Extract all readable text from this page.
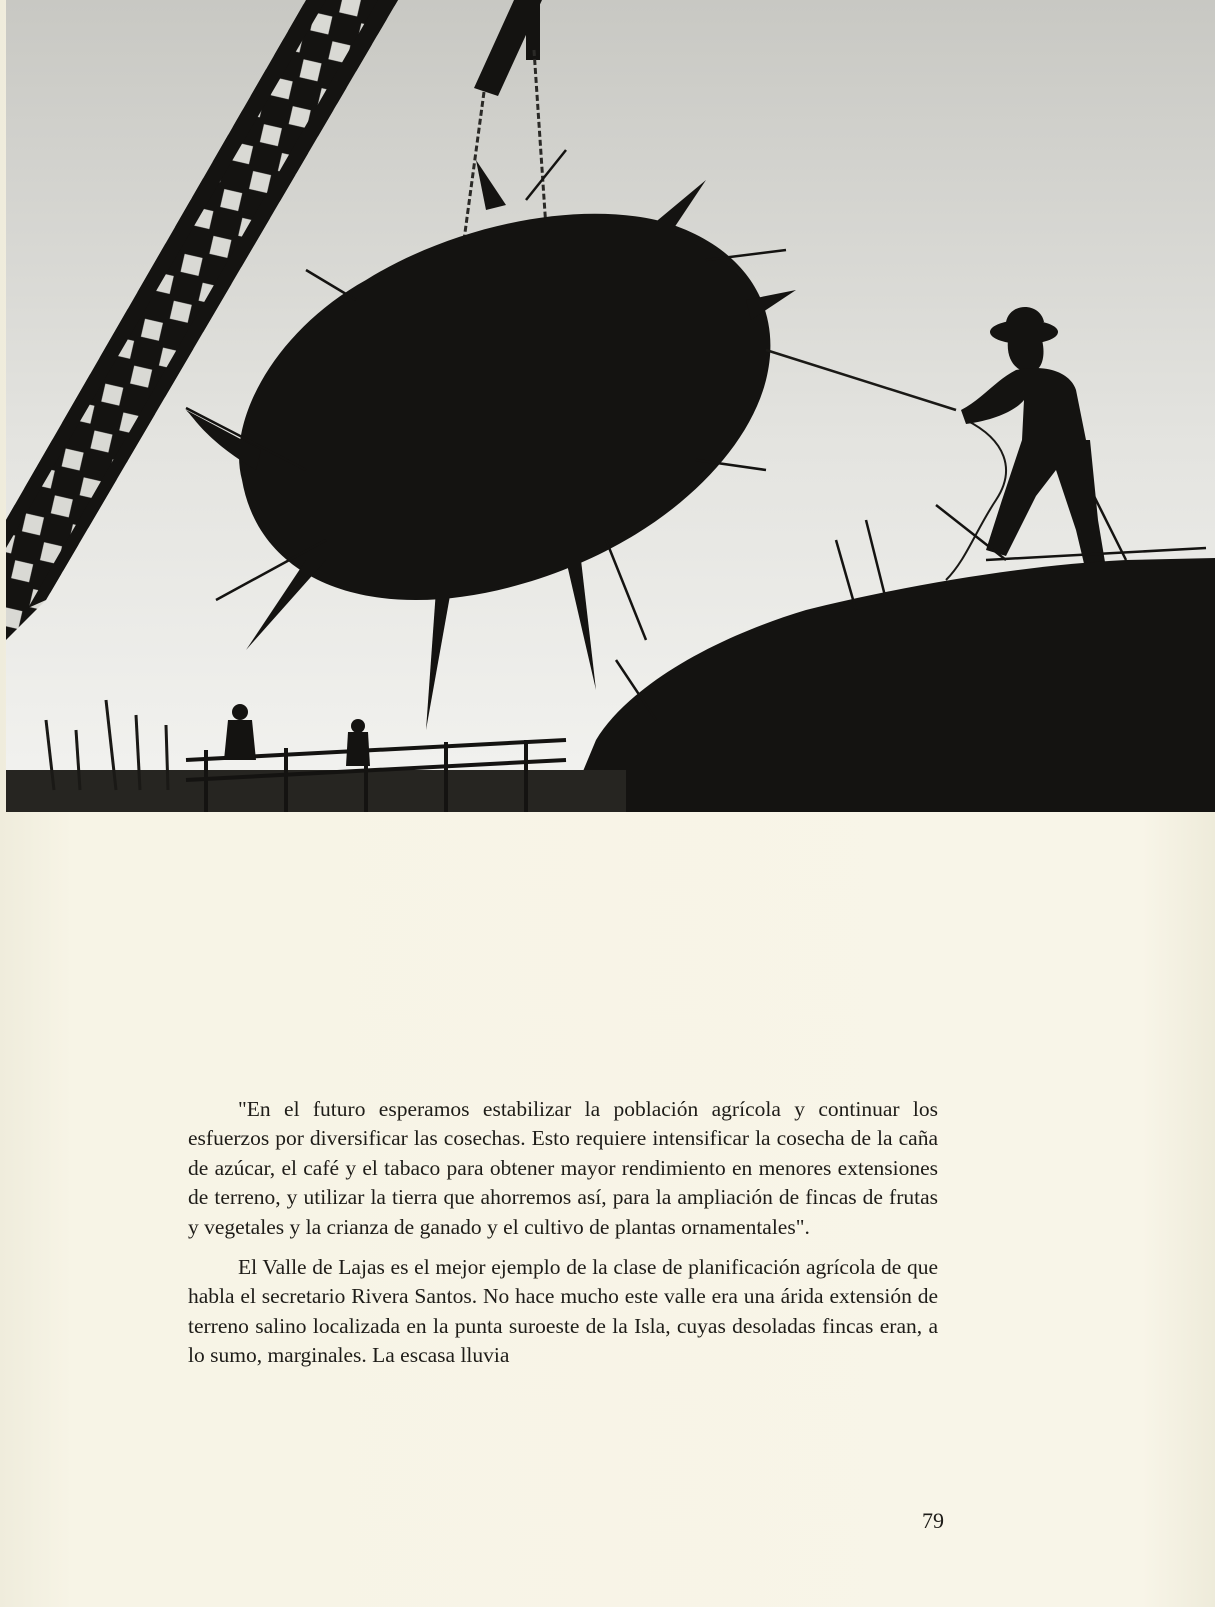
"En el futuro esperamos estabilizar la población agrícola y continuar los esfuerzos por diversificar las cosechas. Esto requiere intensificar la cosecha de la caña de azúcar, el café y el tabaco para obtener mayor rendimiento en menores extensiones de terreno, y utilizar la tierra que ahorremos así, para la ampliación de fincas de frutas y vegetales y la crianza de ganado y el cultivo de plantas ornamentales".

El Valle de Lajas es el mejor ejemplo de la clase de planificación agrícola de que habla el secretario Rivera Santos. No hace mucho este valle era una árida extensión de terreno salino localizada en la punta suroeste de la Isla, cuyas desoladas fincas eran, a lo sumo, marginales. La escasa lluvia

79
